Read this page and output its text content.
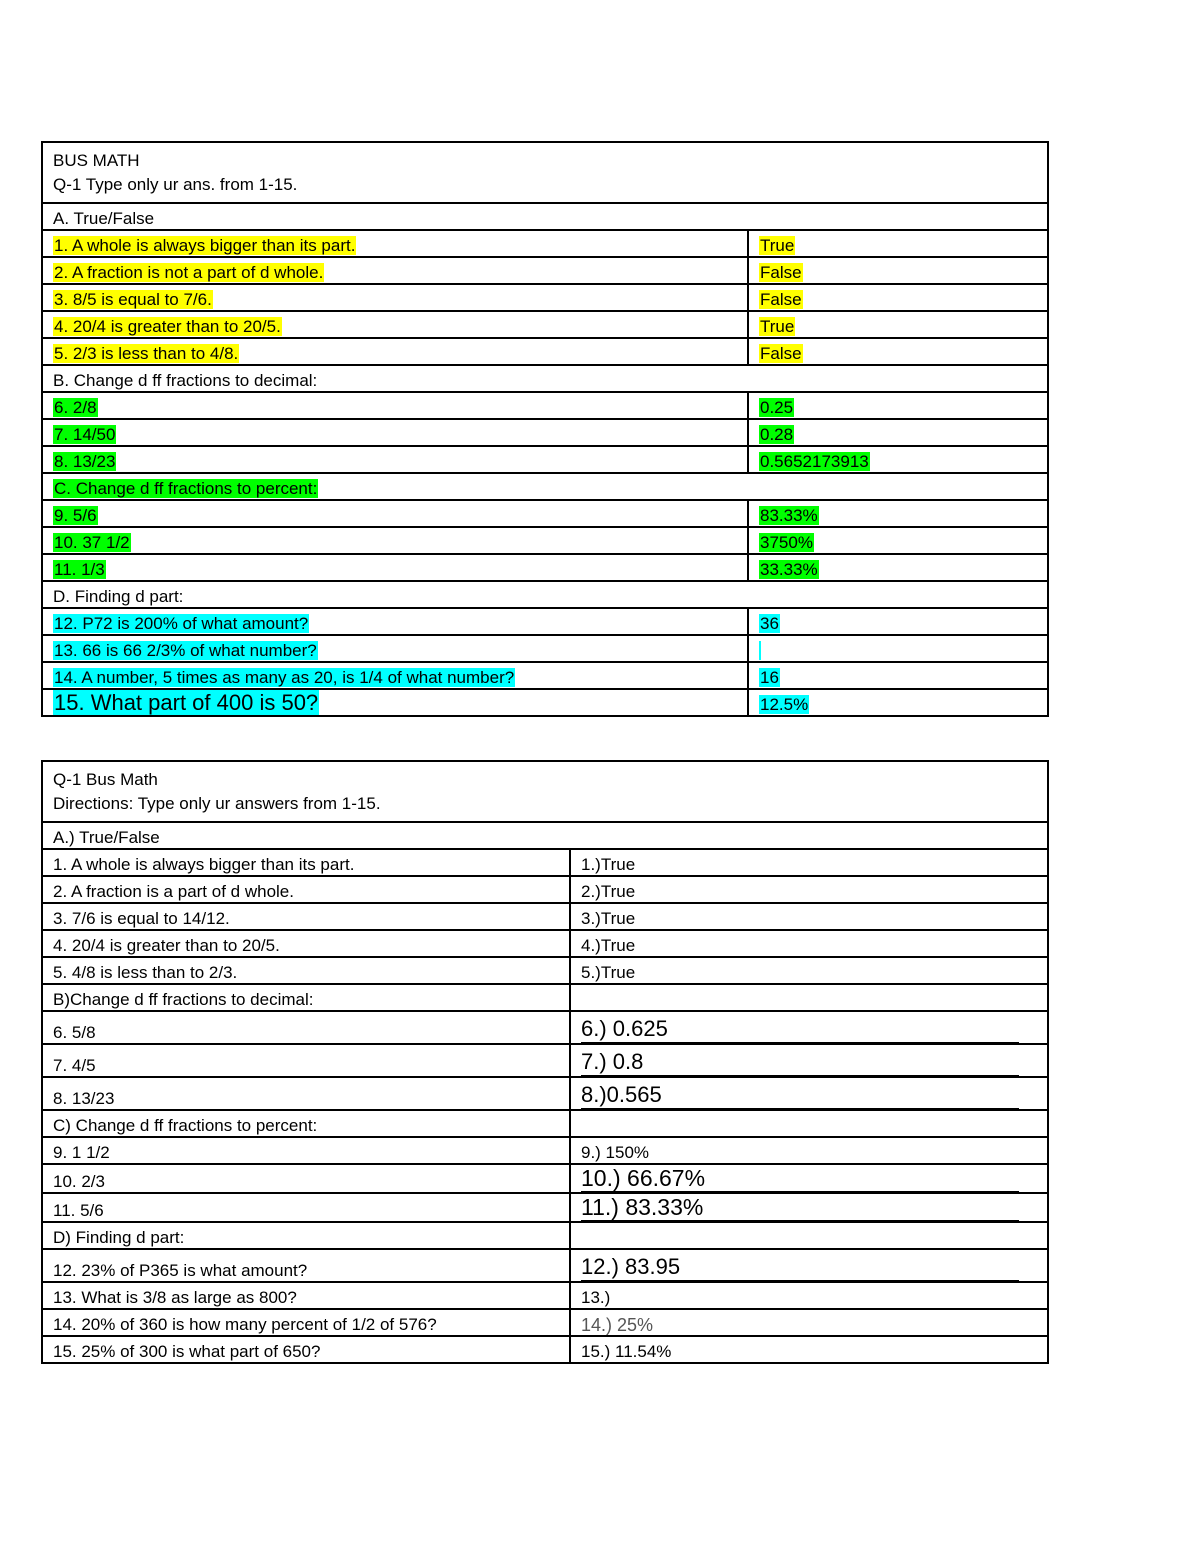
BUS MATH
Q-1 Type only ur ans. from 1-15.	

A. True/False	
1. A whole is always bigger than its part.	True
2. A fraction is not a part of d whole.	False
3. 8/5 is equal to 7/6.	False
4. 20/4 is greater than to 20/5.	True
5. 2/3 is less than to 4/8.	False
B. Change d ff fractions to decimal:	
6. 2/8	0.25
7. 14/50	0.28
8. 13/23	0.5652173913
C. Change d ff fractions to percent:	
9. 5/6	83.33%
10. 37 1/2	3750%
11. 1/3	33.33%
D. Finding d part:	
12. P72 is 200% of what amount?	36
13. 66 is 66 2/3% of what number?	
14. A number, 5 times as many as 20, is 1/4 of what number?	16
15. What part of 400 is 50?	12.5%
Q-1 Bus Math
Directions: Type only ur answers from 1-15.	

A.) True/False	
1. A whole is always bigger than its part.	1.)True
2. A fraction is a part of d whole.	2.)True
3. 7/6 is equal to 14/12.	3.)True
4. 20/4 is greater than to 20/5.	4.)True
5. 4/8 is less than to 2/3.	5.)True
B)Change d ff fractions to decimal:	
6. 5/8	6.) 0.625
7. 4/5	7.) 0.8
8. 13/23	8.)0.565
C) Change d ff fractions to percent:	
9. 1 1/2	9.) 150%
10. 2/3	10.) 66.67%
11. 5/6	11.) 83.33%
D) Finding d part:	
12. 23% of P365 is what amount?	12.) 83.95
13. What is 3/8 as large as 800?	13.)
14. 20% of 360 is how many percent of 1/2 of 576?	14.) 25%
15. 25% of 300 is what part of 650?	15.) 11.54%
